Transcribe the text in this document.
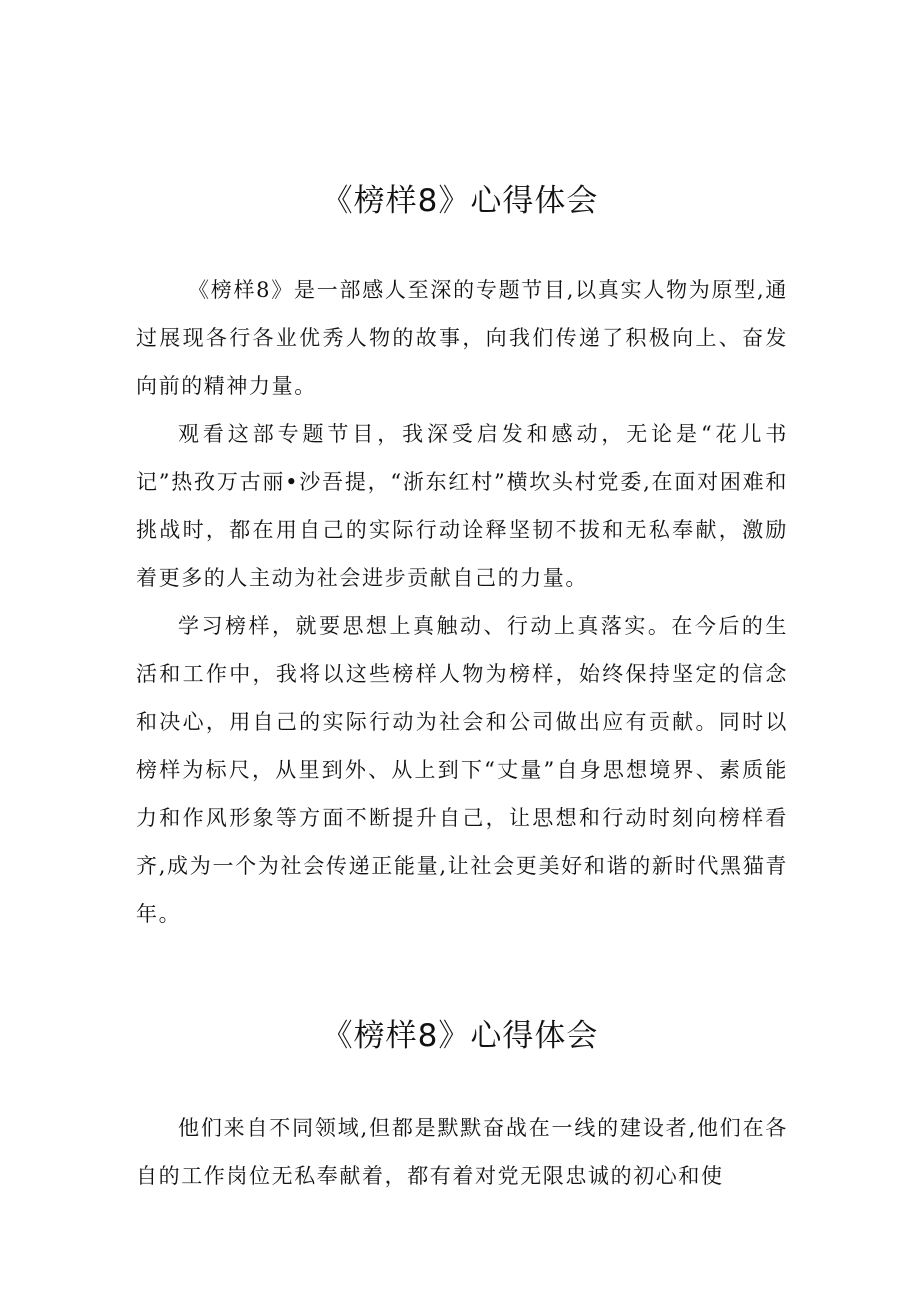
《榜样8》心得体会

《榜样8》是一部感人至深的专题节目,以真实人物为原型,通过展现各行各业优秀人物的故事，向我们传递了积极向上、奋发向前的精神力量。

观看这部专题节目，我深受启发和感动，无论是“花儿书记”热孜万古丽•沙吾提，“浙东红村”横坎头村党委,在面对困难和挑战时，都在用自己的实际行动诠释坚韧不拔和无私奉献，激励着更多的人主动为社会进步贡献自己的力量。

学习榜样，就要思想上真触动、行动上真落实。在今后的生活和工作中，我将以这些榜样人物为榜样，始终保持坚定的信念和决心，用自己的实际行动为社会和公司做出应有贡献。同时以榜样为标尺，从里到外、从上到下“丈量”自身思想境界、素质能力和作风形象等方面不断提升自己，让思想和行动时刻向榜样看齐,成为一个为社会传递正能量,让社会更美好和谐的新时代黑猫青年。

《榜样8》心得体会

他们来自不同领域,但都是默默奋战在一线的建设者,他们在各自的工作岗位无私奉献着，都有着对党无限忠诚的初心和使
